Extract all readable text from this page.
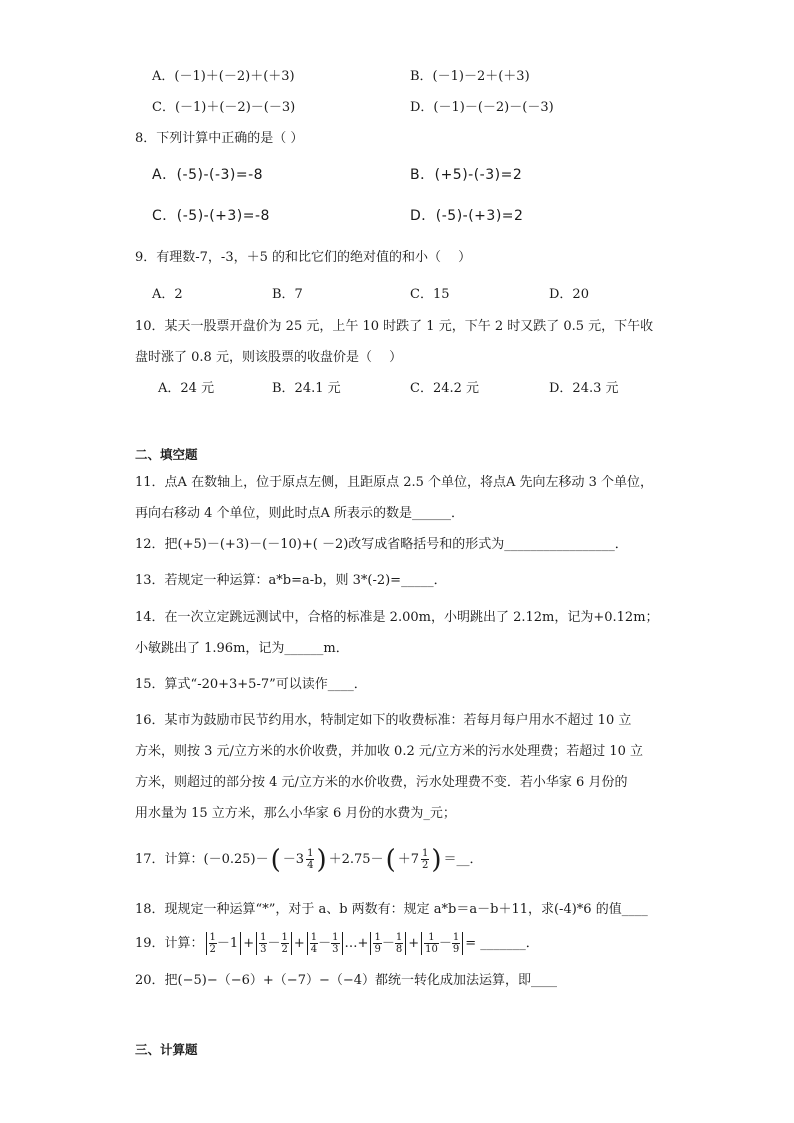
A．(－1)＋(－2)＋(＋3)	B．(－1)－2＋(＋3)
C．(－1)＋(－2)－(－3)	D．(－1)－(－2)－(－3)
8．下列计算中正确的是（ ）
A．(-5)-(-3)=-8	B．(+5)-(-3)=2
C．(-5)-(+3)=-8	D．(-5)-(+3)=2
9．有理数-7，-3，＋5 的和比它们的绝对值的和小（　 ）
A．2	B．7	C．15	D．20
10．某天一股票开盘价为 25 元，上午 10 时跌了 1 元，下午 2 时又跌了 0.5 元，下午收
盘时涨了 0.8 元，则该股票的收盘价是（　 ）
A．24 元	B．24.1 元	C．24.2 元	D．24.3 元
二、填空题
11．点A 在数轴上，位于原点左侧，且距原点 2.5 个单位，将点A 先向左移动 3 个单位，
再向右移动 4 个单位，则此时点A 所表示的数是______．
12．把(+5)－(+3)－(－10)+( －2)改写成省略括号和的形式为_________________．
13．若规定一种运算：a*b=a-b，则 3*(-2)=_____．
14．在一次立定跳远测试中，合格的标准是 2.00m，小明跳出了 2.12m，记为+0.12m；
小敏跳出了 1.96m，记为______m．
15．算式“-20+3+5-7”可以读作____．
16．某市为鼓励市民节约用水，特制定如下的收费标准：若每月每户用水不超过 10 立
方米，则按 3 元/立方米的水价收费，并加收 0.2 元/立方米的污水处理费；若超过 10 立
方米，则超过的部分按 4 元/立方米的水价收费，污水处理费不变．若小华家 6 月份的
用水量为 15 立方米，那么小华家 6 月份的水费为_元；
17．计算：(－0.25)－ ( $-3 \frac{1}{4}$ ) ＋2.75－ ( $+7 \frac{1}{2}$ ) ＝__．
18．现规定一种运算“*”，对于 a、b 两数有：规定 a*b＝a－b＋11，求(-4)*6 的值____
19．计算： $\frac{1}{2} -1 + \frac{1}{3} - \frac{1}{2} + \frac{1}{4} - \frac{1}{3}$ …+ $\frac{1}{9} - \frac{1}{8} + \frac{1}{10} - \frac{1}{9}$ = _______．
20．把(−5)−（−6）+（−7）−（−4）都统一转化成加法运算，即____
三、计算题
